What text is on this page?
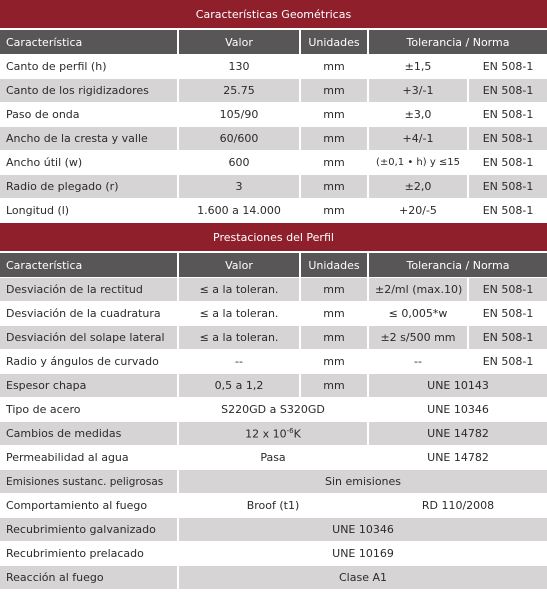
Características Geométricas				
Característica	Valor	Unidades	Tolerancia / Norma	
Canto de perfil (h)	130	mm	±1,5	EN 508-1
Canto de los rigidizadores	25.75	mm	+3/-1	EN 508-1
Paso de onda	105/90	mm	±3,0	EN 508-1
Ancho de la cresta y valle	60/600	mm	+4/-1	EN 508-1
Ancho útil (w)	600	mm	(±0,1 • h) y ≤15	EN 508-1
Radio de plegado (r)	3	mm	±2,0	EN 508-1
Longitud (l)	1.600 a 14.000	mm	+20/-5	EN 508-1
Prestaciones del Perfil				
Característica	Valor	Unidades	Tolerancia / Norma	
Desviación de la rectitud	≤ a la toleran.	mm	±2/ml (max.10)	EN 508-1
Desviación de la cuadratura	≤ a la toleran.	mm	≤ 0,005*w	EN 508-1
Desviación del solape lateral	≤ a la toleran.	mm	±2 s/500 mm	EN 508-1
Radio y ángulos de curvado	--	mm	--	EN 508-1
Espesor chapa	0,5 a 1,2	mm	UNE 10143	
Tipo de acero	S220GD a S320GD		UNE 10346	
Cambios de medidas	12 x $10^{-6}K$		UNE 14782	
Permeabilidad al agua	Pasa		UNE 14782	
Emisiones sustanc. peligrosas	Sin emisiones			
Comportamiento al fuego	Broof (t1)		RD 110/2008	
Recubrimiento galvanizado	UNE 10346			
Recubrimiento prelacado	UNE 10169			
Reacción al fuego	Clase A1			
